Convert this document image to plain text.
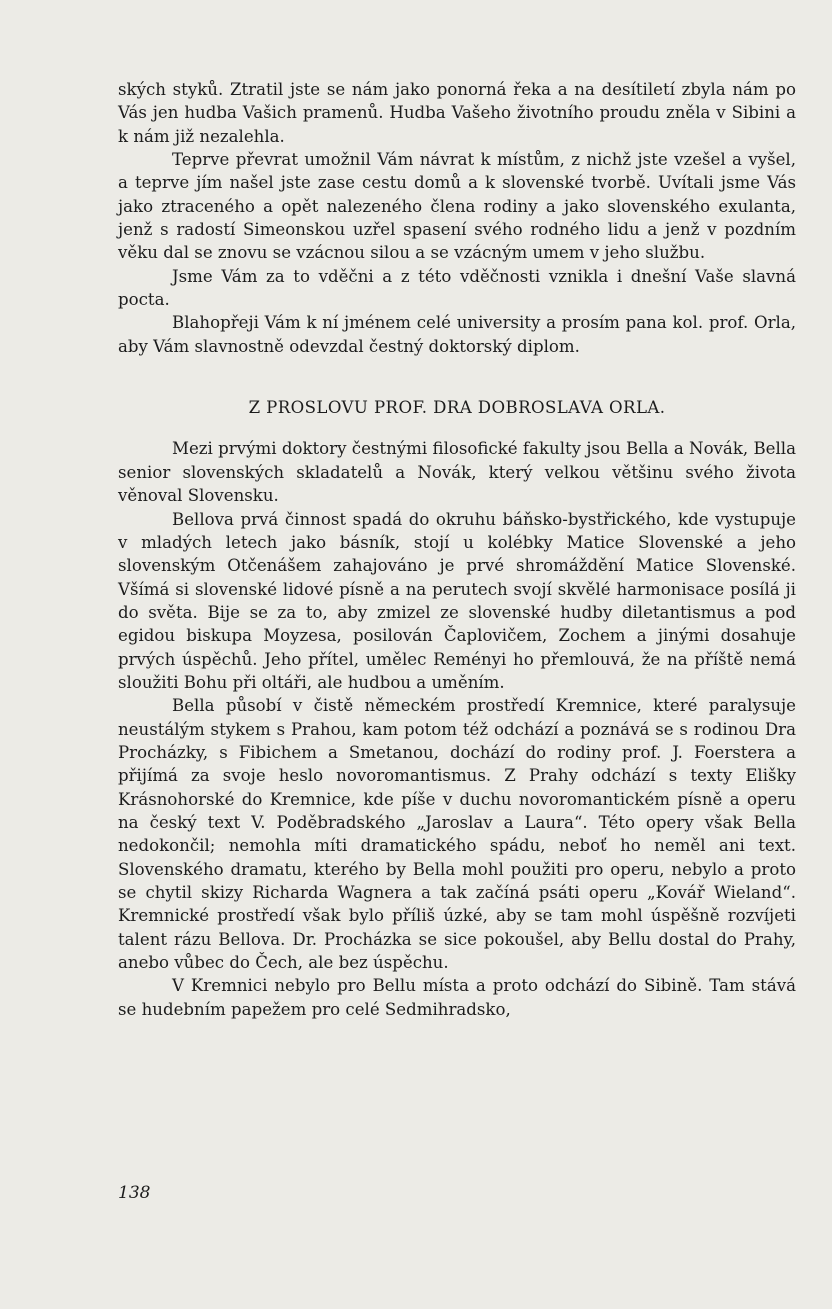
ských styků. Ztratil jste se nám jako ponorná řeka a na desítiletí zbyla nám po Vás jen hudba Vašich pramenů. Hudba Vašeho životního proudu zněla v Sibini a k nám již nezalehla.

Teprve převrat umožnil Vám návrat k místům, z nichž jste vzešel a vyšel, a teprve jím našel jste zase cestu domů a k slovenské tvorbě. Uvítali jsme Vás jako ztraceného a opět nalezeného člena rodiny a jako slovenského exulanta, jenž s radostí Simeonskou uzřel spasení svého rodného lidu a jenž v pozdním věku dal se znovu se vzácnou silou a se vzácným umem v jeho službu.

Jsme Vám za to vděčni a z této vděčnosti vznikla i dnešní Vaše slavná pocta.

Blahopřeji Vám k ní jménem celé university a prosím pana kol. prof. Orla, aby Vám slavnostně odevzdal čestný doktorský diplom.

Z PROSLOVU PROF. DRA DOBROSLAVA ORLA.

Mezi prvými doktory čestnými filosofické fakulty jsou Bella a Novák, Bella senior slovenských skladatelů a Novák, který velkou většinu svého života věnoval Slovensku.

Bellova prvá činnost spadá do okruhu báňsko-bystřického, kde vystupuje v mladých letech jako básník, stojí u kolébky Matice Slovenské a jeho slovenským Otčenášem zahajováno je prvé shromáždění Matice Slovenské. Všímá si slovenské lidové písně a na perutech svojí skvělé harmonisace posílá ji do světa. Bije se za to, aby zmizel ze slovenské hudby diletantismus a pod egidou biskupa Moyzesa, posilován Čaplovičem, Zochem a jinými dosahuje prvých úspěchů. Jeho přítel, umělec Reményi ho přemlouvá, že na příště nemá sloužiti Bohu při oltáři, ale hudbou a uměním.

Bella působí v čistě německém prostředí Kremnice, které paralysuje neustálým stykem s Prahou, kam potom též odchází a poznává se s rodinou Dra Procházky, s Fibichem a Smetanou, dochází do rodiny prof. J. Foerstera a přijímá za svoje heslo novoromantismus. Z Prahy odchází s texty Elišky Krásnohorské do Kremnice, kde píše v duchu novoromantickém písně a operu na český text V. Poděbradského „Jaroslav a Laura“. Této opery však Bella nedokončil; nemohla míti dramatického spádu, neboť ho neměl ani text. Slovenského dramatu, kterého by Bella mohl použiti pro operu, nebylo a proto se chytil skizy Richarda Wagnera a tak začíná psáti operu „Kovář Wieland“. Kremnické prostředí však bylo příliš úzké, aby se tam mohl úspěšně rozvíjeti talent rázu Bellova. Dr. Procházka se sice pokoušel, aby Bellu dostal do Prahy, anebo vůbec do Čech, ale bez úspěchu.

V Kremnici nebylo pro Bellu místa a proto odchází do Sibině. Tam stává se hudebním papežem pro celé Sedmihradsko,

138
